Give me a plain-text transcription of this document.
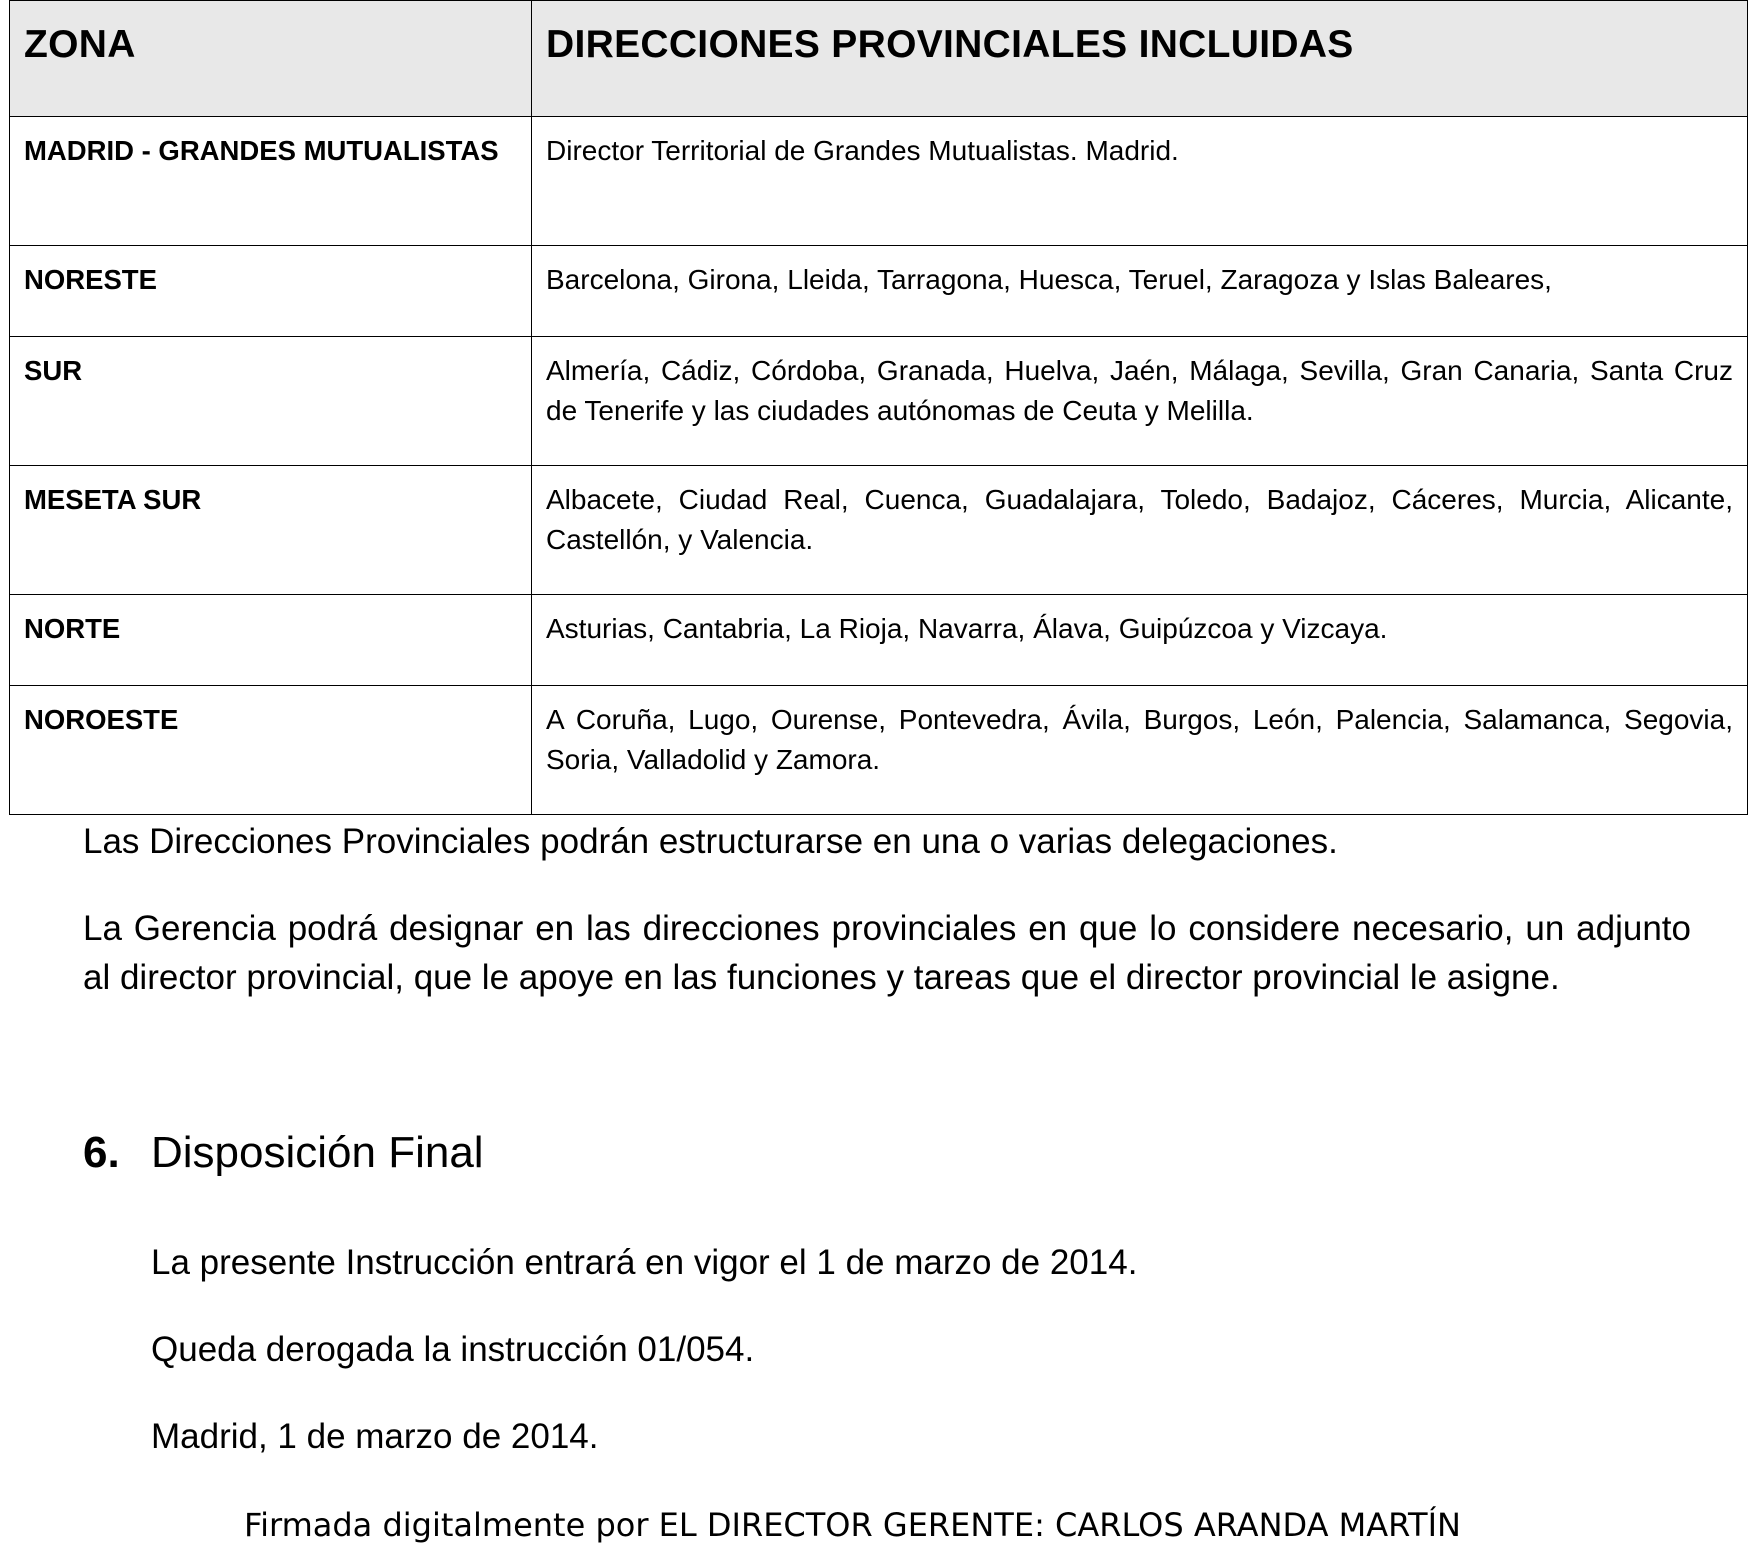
ZONA	DIRECCIONES PROVINCIALES INCLUIDAS
MADRID - GRANDES MUTUALISTAS	Director Territorial de Grandes Mutualistas. Madrid.
NORESTE	Barcelona, Girona, Lleida, Tarragona, Huesca, Teruel, Zaragoza y Islas Baleares,
SUR	Almería, Cádiz, Córdoba, Granada, Huelva, Jaén, Málaga, Sevilla, Gran Canaria, Santa Cruz de Tenerife y las ciudades autónomas de Ceuta y Melilla.
MESETA SUR	Albacete, Ciudad Real, Cuenca, Guadalajara, Toledo, Badajoz, Cáceres, Murcia, Alicante, Castellón, y Valencia.
NORTE	Asturias, Cantabria, La Rioja, Navarra, Álava, Guipúzcoa y Vizcaya.
NOROESTE	A Coruña, Lugo, Ourense, Pontevedra, Ávila, Burgos, León, Palencia, Salamanca, Segovia, Soria, Valladolid y Zamora.

Las Direcciones Provinciales podrán estructurarse en una o varias delegaciones.

La Gerencia podrá designar en las direcciones provinciales en que lo considere necesario, un adjunto al director provincial, que le apoye en las funciones y tareas que el director provincial le asigne.

6. Disposición Final

La presente Instrucción entrará en vigor el 1 de marzo de 2014.

Queda derogada la instrucción 01/054.

Madrid, 1 de marzo de 2014.

Firmada digitalmente por EL DIRECTOR GERENTE: CARLOS ARANDA MARTÍN
